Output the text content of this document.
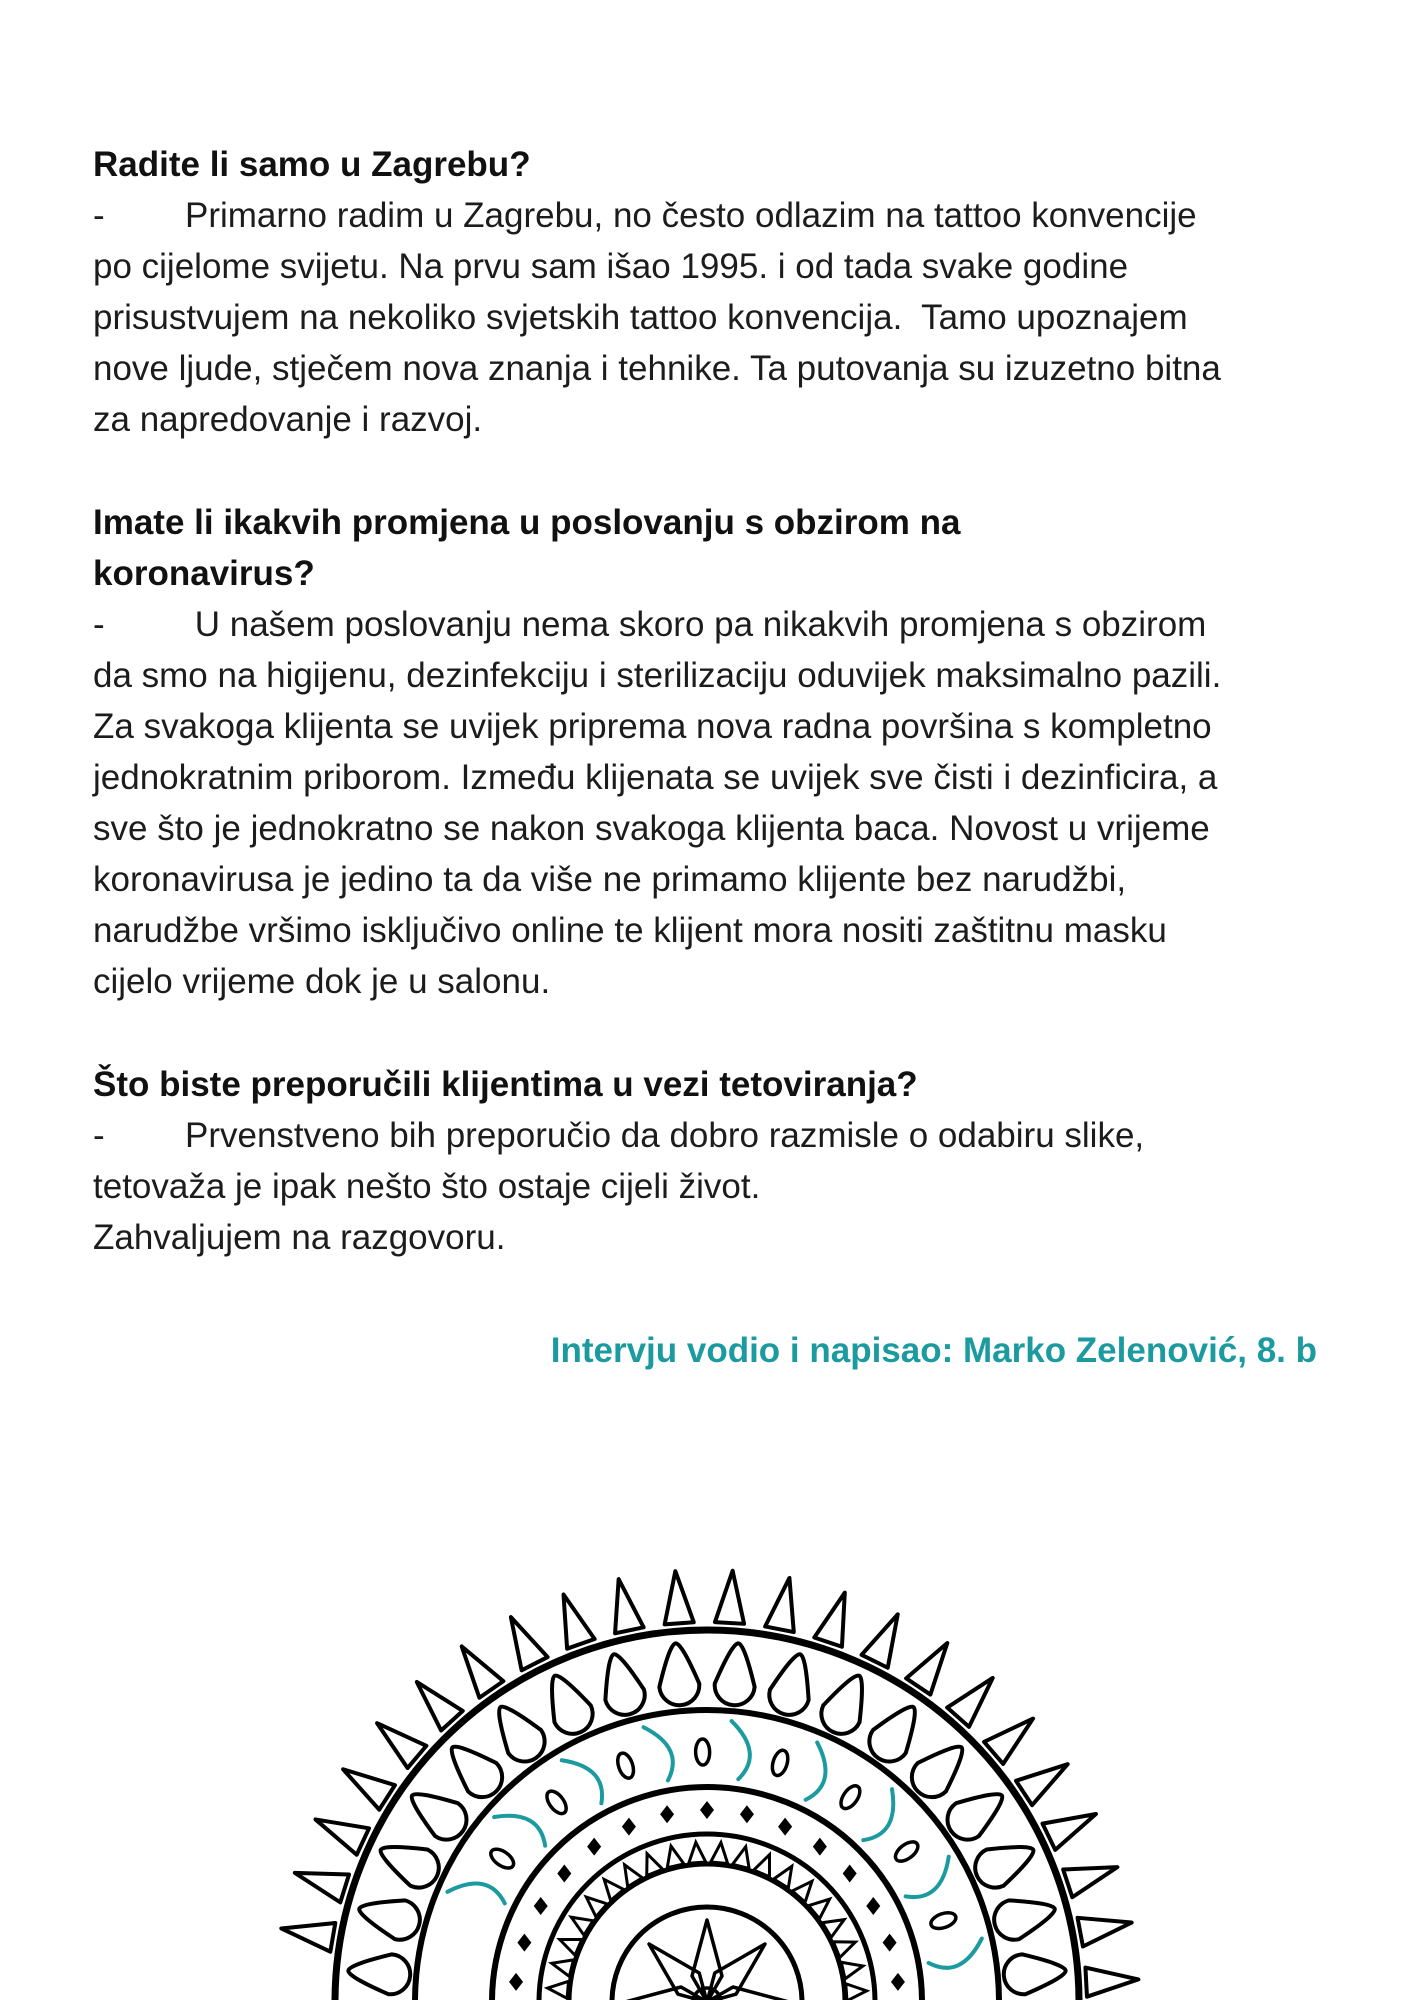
Radite li samo u Zagrebu?

- Primarno radim u Zagrebu, no često odlazim na tattoo konvencije

po cijelome svijetu. Na prvu sam išao 1995. i od tada svake godine

prisustvujem na nekoliko svjetskih tattoo konvencija.  Tamo upoznajem

nove ljude, stječem nova znanja i tehnike. Ta putovanja su izuzetno bitna

za napredovanje i razvoj.

Imate li ikakvih promjena u poslovanju s obzirom na

koronavirus?

- U našem poslovanju nema skoro pa nikakvih promjena s obzirom

da smo na higijenu, dezinfekciju i sterilizaciju oduvijek maksimalno pazili.

Za svakoga klijenta se uvijek priprema nova radna površina s kompletno

jednokratnim priborom. Između klijenata se uvijek sve čisti i dezinficira, a

sve što je jednokratno se nakon svakoga klijenta baca. Novost u vrijeme

koronavirusa je jedino ta da više ne primamo klijente bez narudžbi,

narudžbe vršimo isključivo online te klijent mora nositi zaštitnu masku

cijelo vrijeme dok je u salonu.

Što biste preporučili klijentima u vezi tetoviranja?

- Prvenstveno bih preporučio da dobro razmisle o odabiru slike,

tetovaža je ipak nešto što ostaje cijeli život.

Zahvaljujem na razgovoru.

Intervju vodio i napisao: Marko Zelenović, 8. b
